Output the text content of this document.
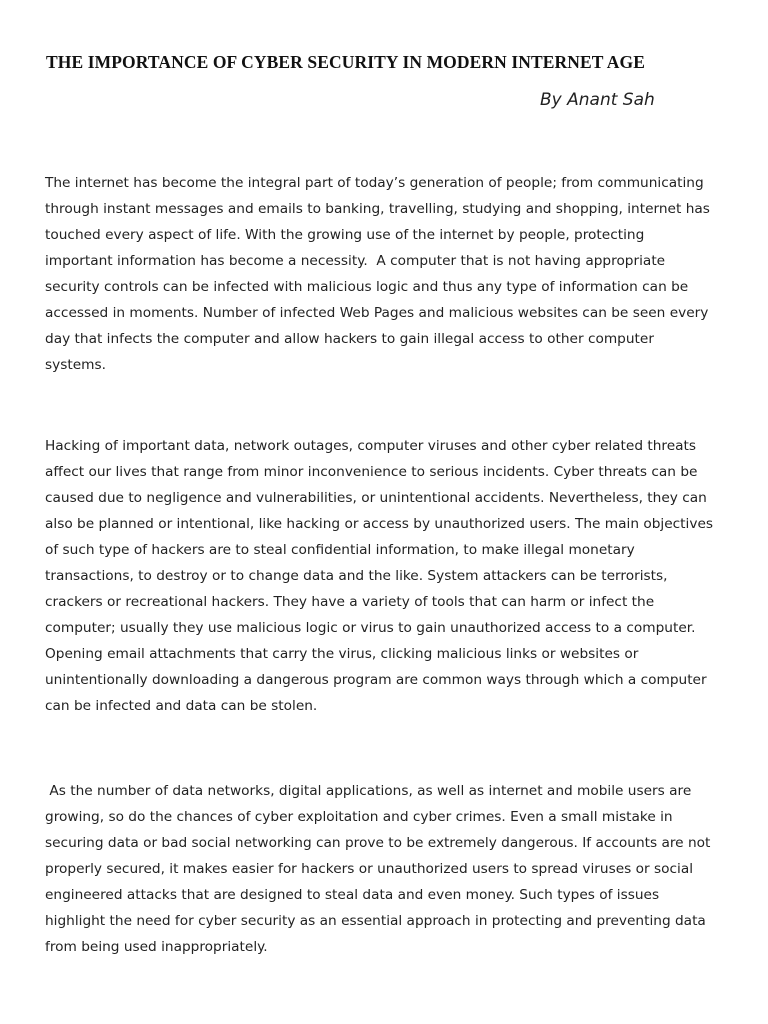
THE IMPORTANCE OF CYBER SECURITY IN MODERN INTERNET AGE
By Anant Sah

The internet has become the integral part of today’s generation of people; from communicating
through instant messages and emails to banking, travelling, studying and shopping, internet has
touched every aspect of life. With the growing use of the internet by people, protecting
important information has become a necessity.  A computer that is not having appropriate
security controls can be infected with malicious logic and thus any type of information can be
accessed in moments. Number of infected Web Pages and malicious websites can be seen every
day that infects the computer and allow hackers to gain illegal access to other computer
systems.

Hacking of important data, network outages, computer viruses and other cyber related threats
affect our lives that range from minor inconvenience to serious incidents. Cyber threats can be
caused due to negligence and vulnerabilities, or unintentional accidents. Nevertheless, they can
also be planned or intentional, like hacking or access by unauthorized users. The main objectives
of such type of hackers are to steal confidential information, to make illegal monetary
transactions, to destroy or to change data and the like. System attackers can be terrorists,
crackers or recreational hackers. They have a variety of tools that can harm or infect the
computer; usually they use malicious logic or virus to gain unauthorized access to a computer.
Opening email attachments that carry the virus, clicking malicious links or websites or
unintentionally downloading a dangerous program are common ways through which a computer
can be infected and data can be stolen.

As the number of data networks, digital applications, as well as internet and mobile users are
growing, so do the chances of cyber exploitation and cyber crimes. Even a small mistake in
securing data or bad social networking can prove to be extremely dangerous. If accounts are not
properly secured, it makes easier for hackers or unauthorized users to spread viruses or social
engineered attacks that are designed to steal data and even money. Such types of issues
highlight the need for cyber security as an essential approach in protecting and preventing data
from being used inappropriately.
